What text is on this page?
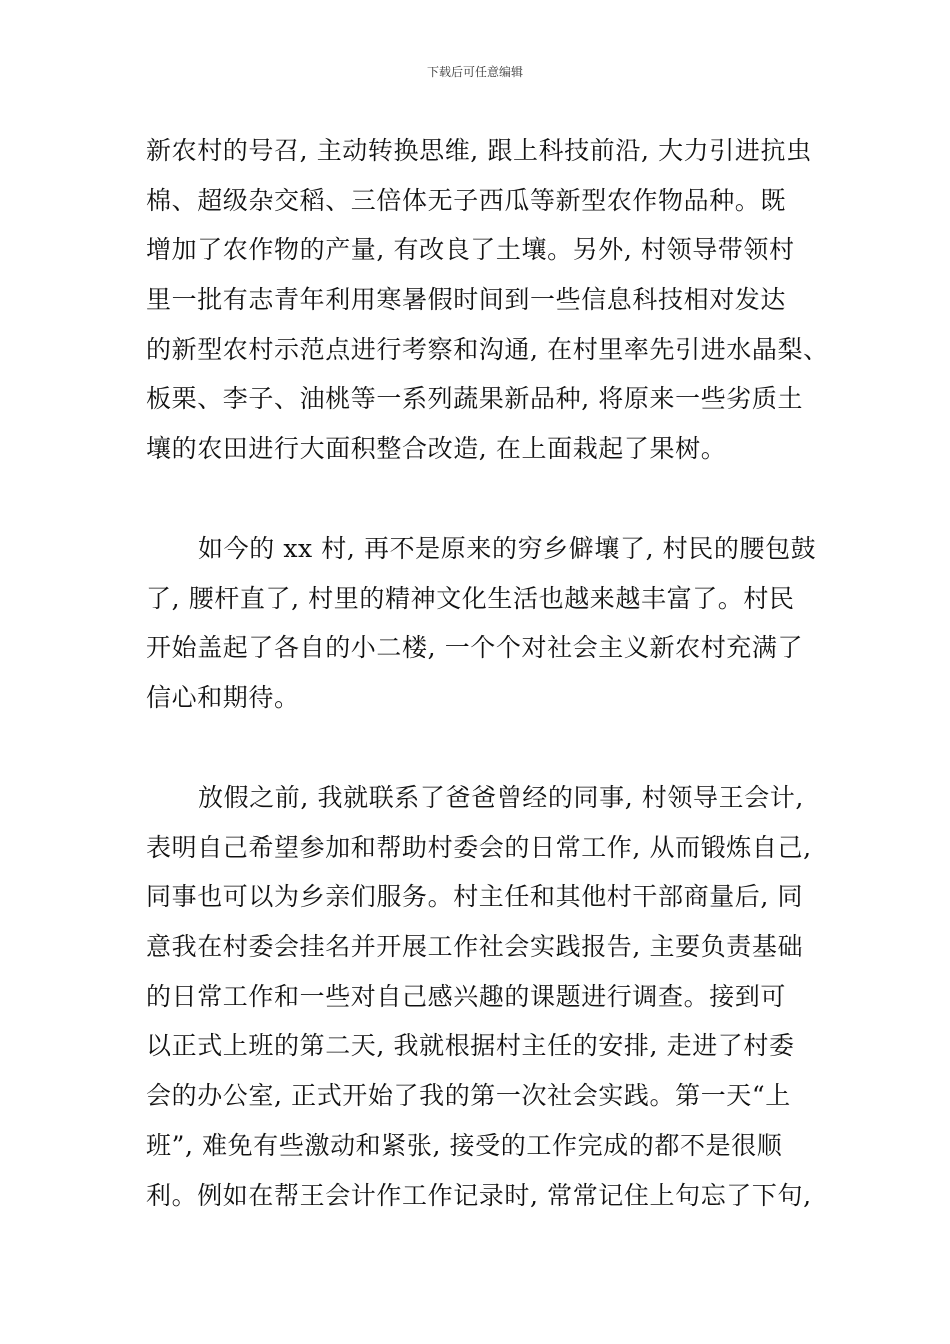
下载后可任意编辑
新农村的号召, 主动转换思维, 跟上科技前沿, 大力引进抗虫
棉、超级杂交稻、三倍体无子西瓜等新型农作物品种。既
增加了农作物的产量, 有改良了土壤。另外, 村领导带领村
里一批有志青年利用寒暑假时间到一些信息科技相对发达
的新型农村示范点进行考察和沟通, 在村里率先引进水晶梨、
板栗、李子、油桃等一系列蔬果新品种, 将原来一些劣质土
壤的农田进行大面积整合改造, 在上面栽起了果树。
如今的 xx 村, 再不是原来的穷乡僻壤了, 村民的腰包鼓
了, 腰杆直了, 村里的精神文化生活也越来越丰富了。村民
开始盖起了各自的小二楼, 一个个对社会主义新农村充满了
信心和期待。
放假之前, 我就联系了爸爸曾经的同事, 村领导王会计,
表明自己希望参加和帮助村委会的日常工作, 从而锻炼自己,
同事也可以为乡亲们服务。村主任和其他村干部商量后, 同
意我在村委会挂名并开展工作社会实践报告, 主要负责基础
的日常工作和一些对自己感兴趣的课题进行调查。接到可
以正式上班的第二天, 我就根据村主任的安排, 走进了村委
会的办公室, 正式开始了我的第一次社会实践。第一天“上
班”, 难免有些激动和紧张, 接受的工作完成的都不是很顺
利。例如在帮王会计作工作记录时, 常常记住上句忘了下句,
